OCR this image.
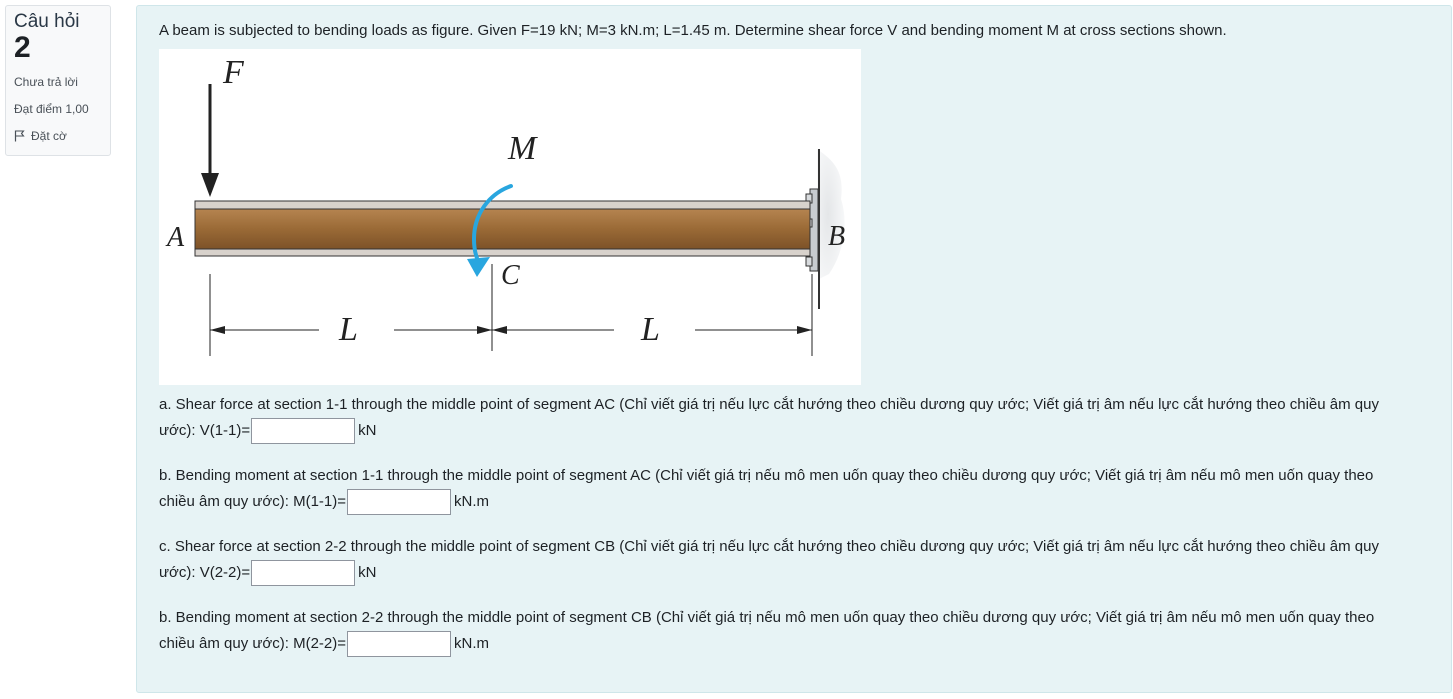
Câu hỏi
2
Chưa trả lời
Đạt điểm 1,00
Đặt cờ
A beam is subjected to bending loads as figure. Given F=19 kN; M=3 kN.m; L=1.45 m. Determine shear force V and bending moment M at cross sections shown.
F
M
A	B
C
L	L
a. Shear force at section 1-1 through the middle point of segment AC (Chỉ viết giá trị nếu lực cắt hướng theo chiều dương quy ước; Viết giá trị âm nếu lực cắt hướng theo chiều âm quy ước): V(1-1)=	kN
b. Bending moment at section 1-1 through the middle point of segment AC (Chỉ viết giá trị nếu mô men uốn quay theo chiều dương quy ước; Viết giá trị âm nếu mô men uốn quay theo chiều âm quy ước): M(1-1)=	kN.m
c. Shear force at section 2-2 through the middle point of segment CB (Chỉ viết giá trị nếu lực cắt hướng theo chiều dương quy ước; Viết giá trị âm nếu lực cắt hướng theo chiều âm quy ước): V(2-2)=	kN
b. Bending moment at section 2-2 through the middle point of segment CB (Chỉ viết giá trị nếu mô men uốn quay theo chiều dương quy ước; Viết giá trị âm nếu mô men uốn quay theo chiều âm quy ước): M(2-2)=	kN.m
